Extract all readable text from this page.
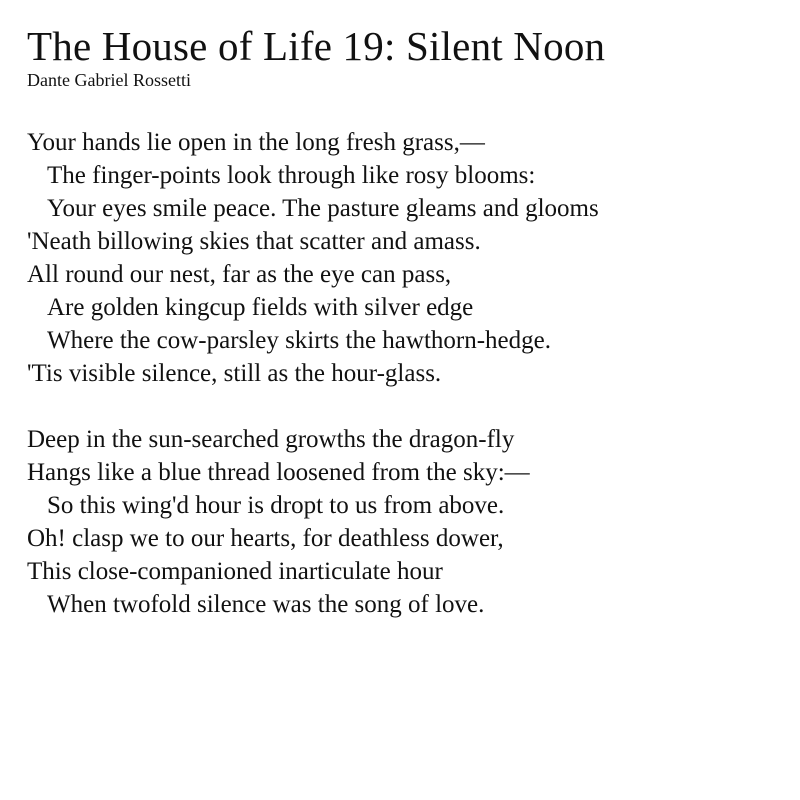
The House of Life 19: Silent Noon

Dante Gabriel Rossetti

Your hands lie open in the long fresh grass,—
The finger-points look through like rosy blooms:
Your eyes smile peace. The pasture gleams and glooms
'Neath billowing skies that scatter and amass.
All round our nest, far as the eye can pass,
Are golden kingcup fields with silver edge
Where the cow-parsley skirts the hawthorn-hedge.
'Tis visible silence, still as the hour-glass.
Deep in the sun-searched growths the dragon-fly
Hangs like a blue thread loosened from the sky:—
So this wing'd hour is dropt to us from above.
Oh! clasp we to our hearts, for deathless dower,
This close-companioned inarticulate hour
When twofold silence was the song of love.
